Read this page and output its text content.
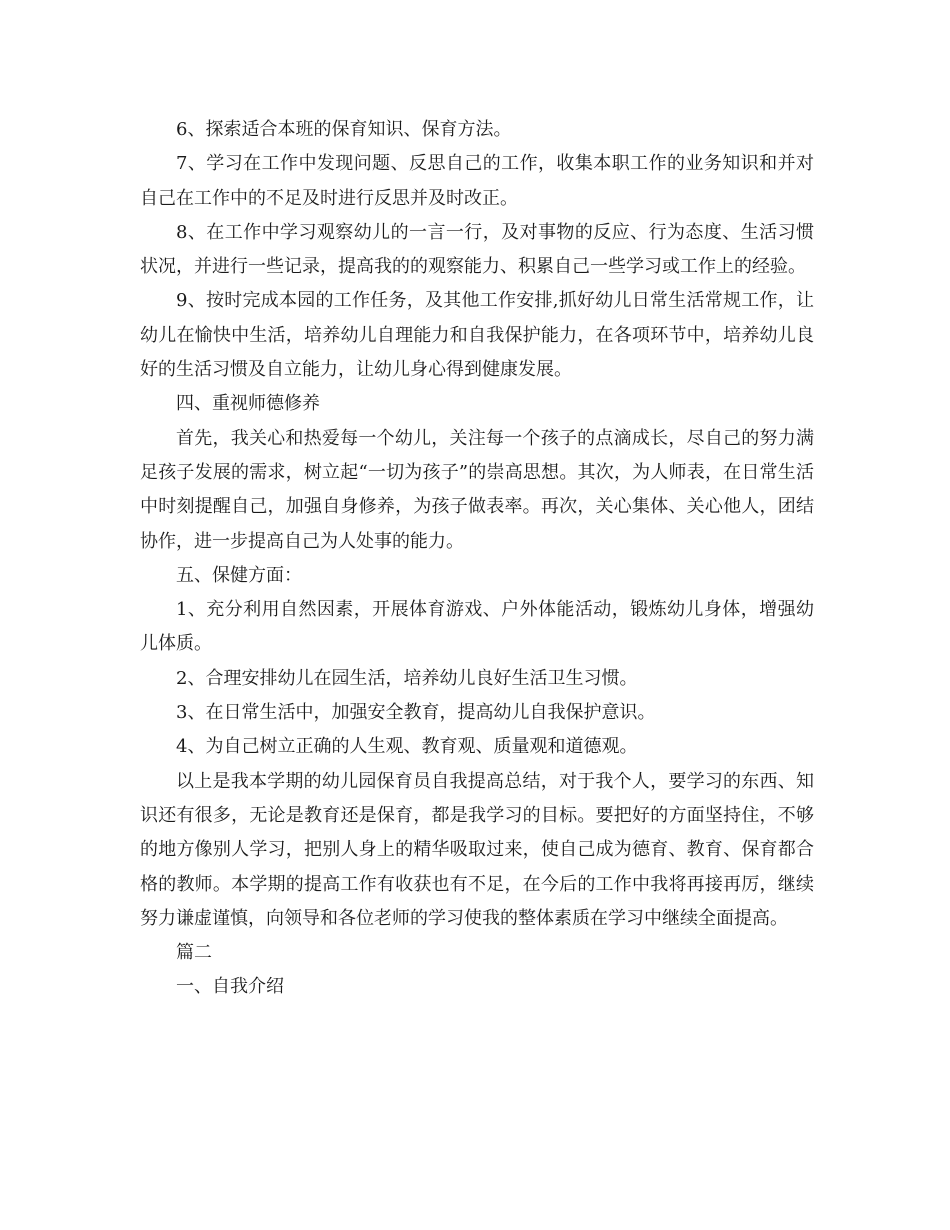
6、探索适合本班的保育知识、保育方法。

7、学习在工作中发现问题、反思自己的工作，收集本职工作的业务知识和并对自己在工作中的不足及时进行反思并及时改正。

8、在工作中学习观察幼儿的一言一行，及对事物的反应、行为态度、生活习惯状况，并进行一些记录，提高我的的观察能力、积累自己一些学习或工作上的经验。

9、按时完成本园的工作任务，及其他工作安排,抓好幼儿日常生活常规工作，让幼儿在愉快中生活，培养幼儿自理能力和自我保护能力，在各项环节中，培养幼儿良好的生活习惯及自立能力，让幼儿身心得到健康发展。

四、重视师德修养

首先，我关心和热爱每一个幼儿，关注每一个孩子的点滴成长，尽自己的努力满足孩子发展的需求，树立起“一切为孩子”的崇高思想。其次，为人师表，在日常生活中时刻提醒自己，加强自身修养，为孩子做表率。再次，关心集体、关心他人，团结协作，进一步提高自己为人处事的能力。

五、保健方面：

1、充分利用自然因素，开展体育游戏、户外体能活动，锻炼幼儿身体，增强幼儿体质。

2、合理安排幼儿在园生活，培养幼儿良好生活卫生习惯。

3、在日常生活中，加强安全教育，提高幼儿自我保护意识。

4、为自己树立正确的人生观、教育观、质量观和道德观。

以上是我本学期的幼儿园保育员自我提高总结，对于我个人，要学习的东西、知识还有很多，无论是教育还是保育，都是我学习的目标。要把好的方面坚持住，不够的地方像别人学习，把别人身上的精华吸取过来，使自己成为德育、教育、保育都合格的教师。本学期的提高工作有收获也有不足，在今后的工作中我将再接再厉，继续努力谦虚谨慎，向领导和各位老师的学习使我的整体素质在学习中继续全面提高。

篇二

一、自我介绍
